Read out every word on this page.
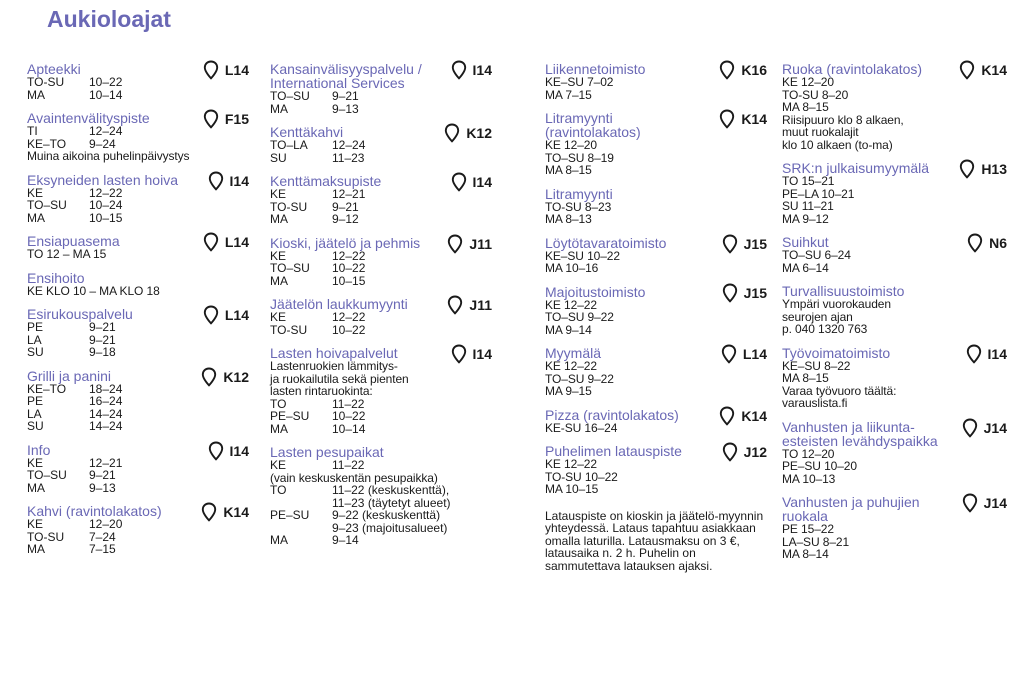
Aukioloajat
Apteekki	L14
TO-SU	10–22
MA	10–14
Avaintenvälityspiste	F15
TI	12–24
KE–TO	9–24
Muina aikoina puhelinpäivystys
Eksyneiden lasten hoiva	I14
KE	12–22
TO–SU	10–24
MA	10–15
Ensiapuasema	L14
TO 12 – MA 15
Ensihoito
KE KLO 10 – MA KLO 18
Esirukouspalvelu	L14
PE	9–21
LA	9–21
SU	9–18
Grilli ja panini	K12
KE–TO	18–24
PE	16–24
LA	14–24
SU	14–24
Info	I14
KE	12–21
TO–SU	9–21
MA	9–13
Kahvi (ravintolakatos)	K14
KE	12–20
TO-SU	7–24
MA	7–15
Kansainvälisyyspalvelu / International Services
I14
TO–SU	9–21
MA	9–13
Kenttäkahvi	K12
TO–LA	12–24
SU	11–23
Kenttämaksupiste	I14
KE	12–21
TO-SU	9–21
MA	9–12
Kioski, jäätelö ja pehmis	J11
KE	12–22
TO–SU	10–22
MA	10–15
Jäätelön laukkumyynti	J11
KE	12–22
TO-SU	10–22
Lasten hoivapalvelut	I14
Lastenruokien lämmitys-
ja ruokailutila sekä pienten
lasten rintaruokinta:
TO	11–22
PE–SU	10–22
MA	10–14
Lasten pesupaikat
KE	11–22
(vain keskuskentän pesupaikka)
TO	11–22 (keskuskenttä),
11–23 (täytetyt alueet)
PE–SU	9–22 (keskuskenttä)
9–23 (majoitusalueet)
MA	9–14
Liikennetoimisto	K16
KE–SU 7–02
MA 7–15
Litramyynti (ravintolakatos)
K14
KE 12–20
TO–SU 8–19
MA 8–15
Litramyynti
TO-SU 8–23
MA 8–13
Löytötavaratoimisto	J15
KE–SU 10–22
MA 10–16
Majoitustoimisto	J15
KE 12–22
TO–SU 9–22
MA 9–14
Myymälä	L14
KE 12–22
TO–SU 9–22
MA 9–15
Pizza (ravintolakatos)	K14
KE-SU 16–24
Puhelimen latauspiste	J12
KE 12–22
TO-SU 10–22
MA 10–15
Latauspiste on kioskin ja jäätelö-myynnin yhteydessä. Lataus tapahtuu asiakkaan omalla laturilla. Latausmaksu on 3 €, latausaika n. 2 h. Puhelin on sammutettava latauksen ajaksi.
Ruoka (ravintolakatos)	K14
KE 12–20
TO-SU 8–20
MA 8–15
Riisipuuro klo 8 alkaen,
muut ruokalajit
klo 10 alkaen (to-ma)
SRK:n julkaisumyymälä	H13
TO 15–21
PE–LA 10–21
SU 11–21
MA 9–12
Suihkut	N6
TO–SU 6–24
MA 6–14
Turvallisuustoimisto
Ympäri vuorokauden
seurojen ajan
p. 040 1320 763
Työvoimatoimisto	I14
KE–SU 8–22
MA 8–15
Varaa työvuoro täältä:
varauslista.fi
Vanhusten ja liikunta-esteisten levähdyspaikka
J14
TO 12–20
PE–SU 10–20
MA 10–13
Vanhusten ja puhujien ruokala
J14
PE 15–22
LA–SU 8–21
MA 8–14
